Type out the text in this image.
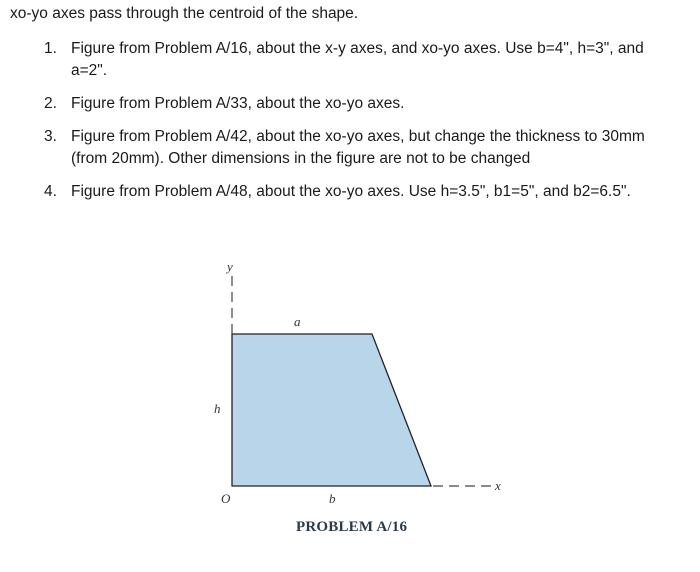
xo-yo axes pass through the centroid of the shape.
1. Figure from Problem A/16, about the x-y axes, and xo-yo axes. Use b=4", h=3", and a=2".
2. Figure from Problem A/33, about the xo-yo axes.
3. Figure from Problem A/42, about the xo-yo axes, but change the thickness to 30mm
(from 20mm). Other dimensions in the figure are not to be changed
4. Figure from Problem A/48, about the xo-yo axes. Use h=3.5", b1=5", and b2=6.5".
y
a
h
O	b
x
PROBLEM A/16
